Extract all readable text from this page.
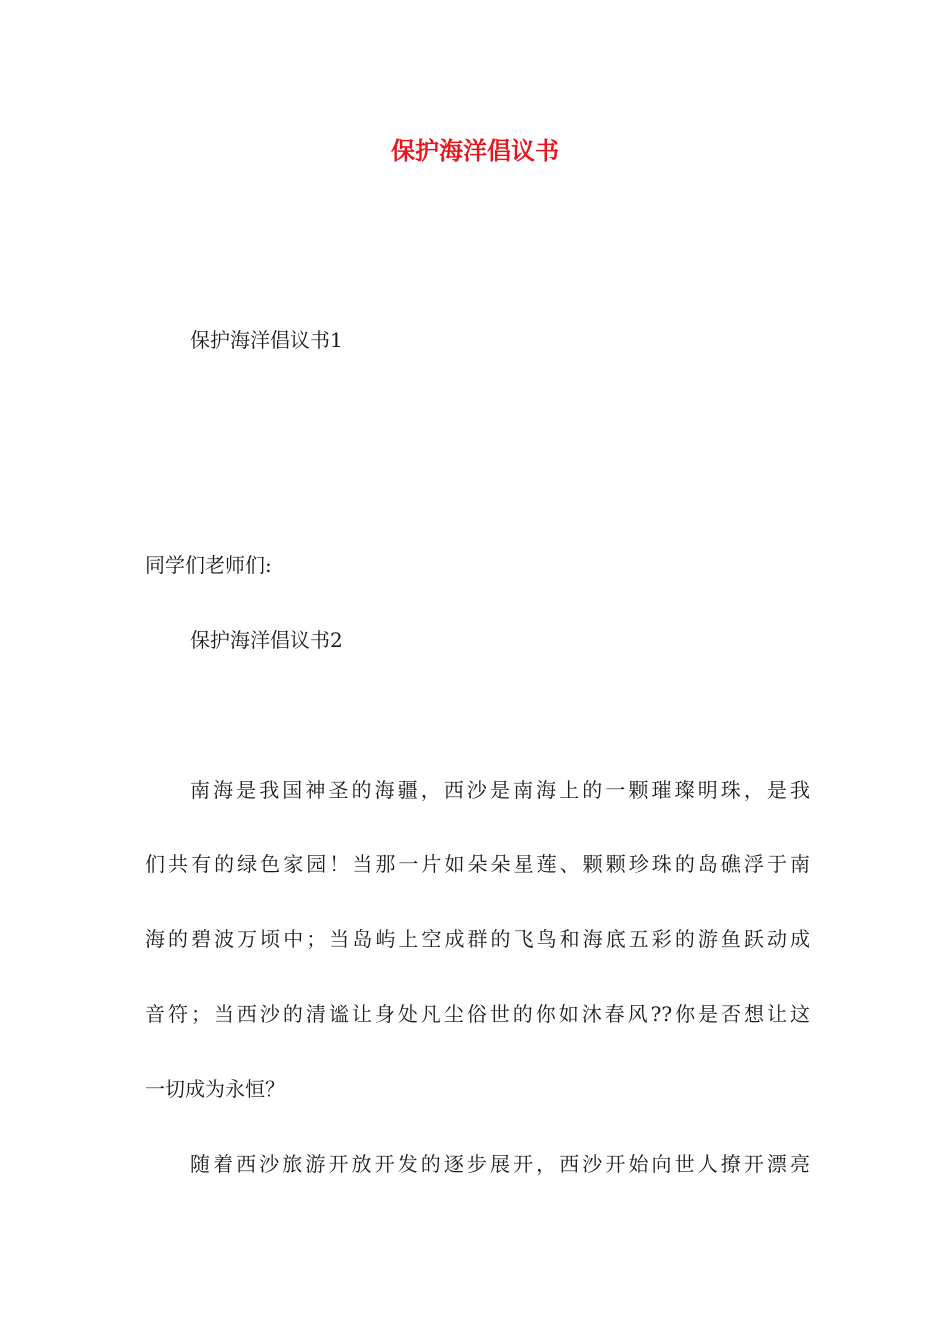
保护海洋倡议书
保护海洋倡议书1
同学们老师们:
保护海洋倡议书2
南海是我国神圣的海疆，西沙是南海上的一颗璀璨明珠，是我
们共有的绿色家园！当那一片如朵朵星莲、颗颗珍珠的岛礁浮于南
海的碧波万顷中；当岛屿上空成群的飞鸟和海底五彩的游鱼跃动成
音符；当西沙的清谧让身处凡尘俗世的你如沐春风??你是否想让这
一切成为永恒？
随着西沙旅游开放开发的逐步展开，西沙开始向世人撩开漂亮
